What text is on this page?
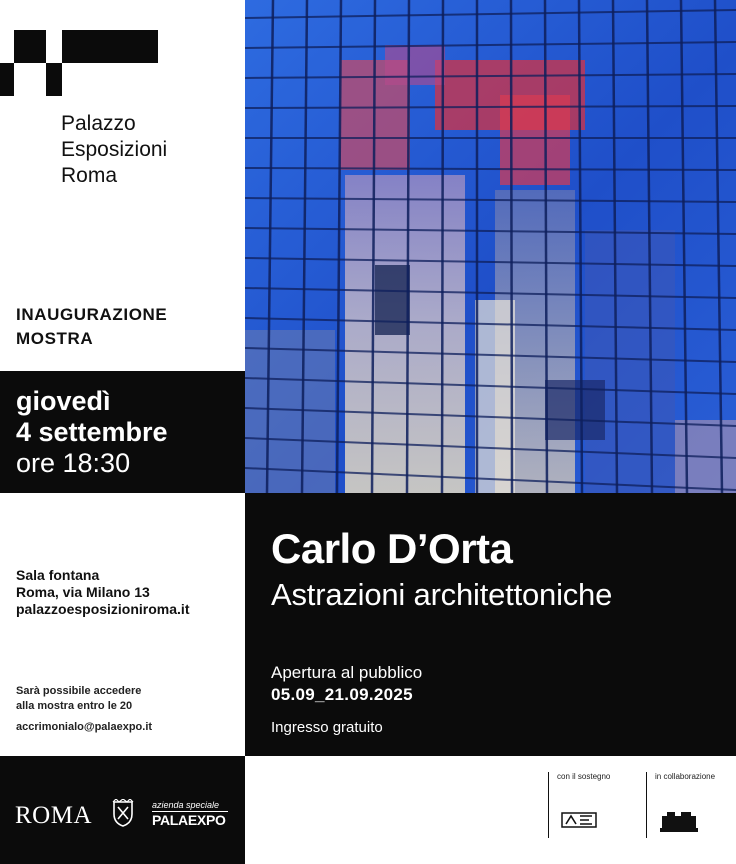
Palazzo
Esposizioni
Roma
INAUGURAZIONE
MOSTRA
giovedì
4 settembre
ore 18:30
Sala fontana
Roma, via Milano 13
palazzoesposizioniroma.it
Sarà possibile accedere
alla mostra entro le 20
accrimonialo@palaexpo.it
ROMA	azienda speciale
PALAEXPO
Carlo D’Orta
Astrazioni architettoniche
Apertura al pubblico
05.09_21.09.2025
Ingresso gratuito
con il sostegno	in collaborazione
